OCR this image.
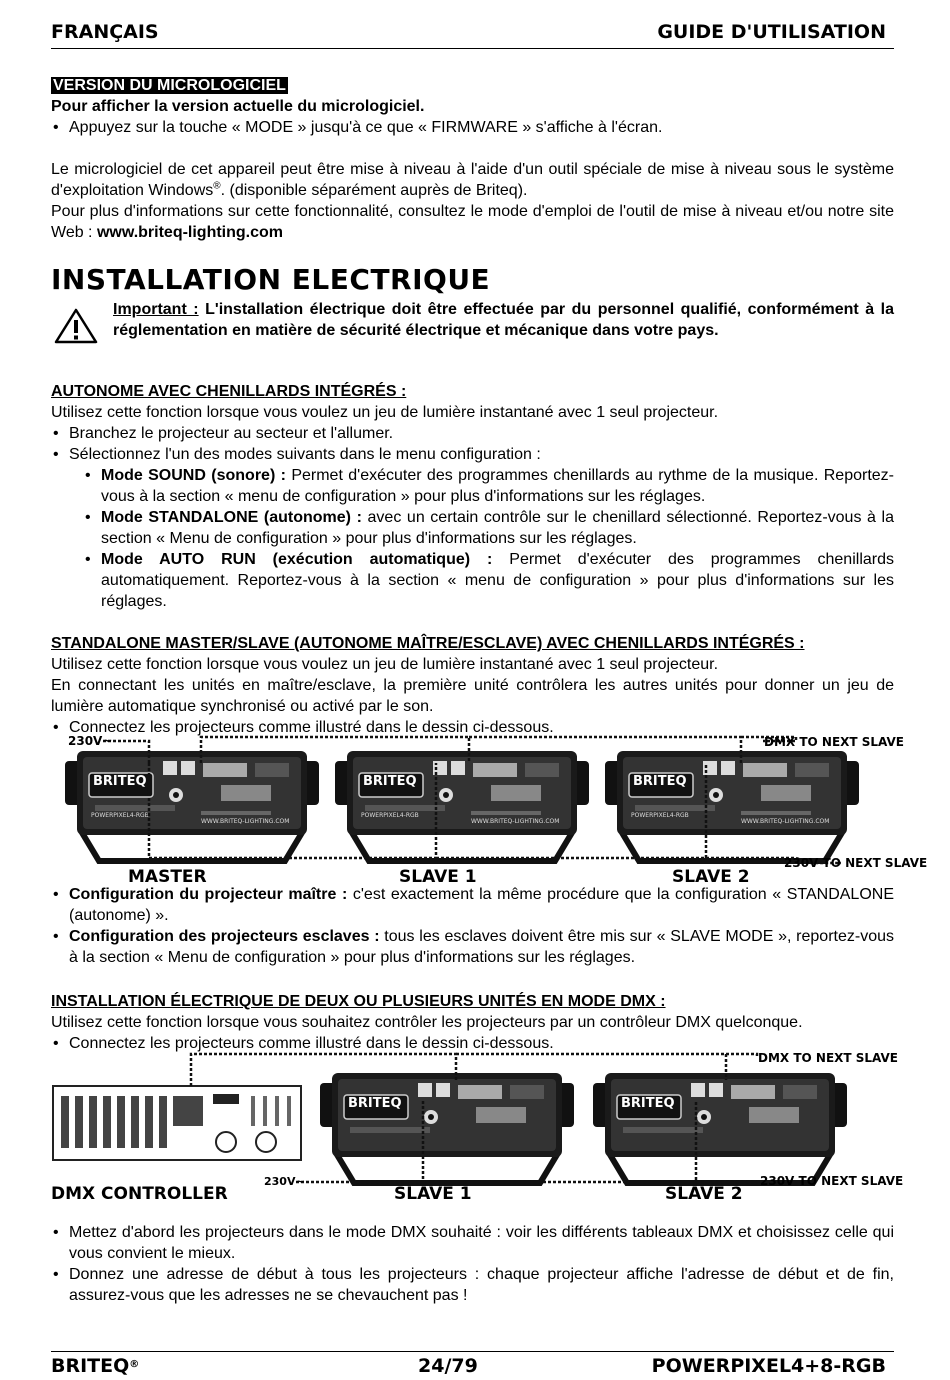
FRANÇAIS	GUIDE D'UTILISATION

VERSION DU MICROLOGICIEL

Pour afficher la version actuelle du micrologiciel.

• Appuyez sur la touche « MODE » jusqu'à ce que « FIRMWARE » s'affiche à l'écran.

Le micrologiciel de cet appareil peut être mise à niveau à l'aide d'un outil spéciale de mise à niveau sous le système d'exploitation Windows®. (disponible séparément auprès de Briteq).

Pour plus d'informations sur cette fonctionnalité, consultez le mode d'emploi de l'outil de mise à niveau et/ou notre site Web : www.briteq-lighting.com

INSTALLATION ELECTRIQUE
Important : L'installation électrique doit être effectuée par du personnel qualifié, conformément à la réglementation en matière de sécurité électrique et mécanique dans votre pays.

AUTONOME AVEC CHENILLARDS INTÉGRÉS :

Utilisez cette fonction lorsque vous voulez un jeu de lumière instantané avec 1 seul projecteur.

• Branchez le projecteur au secteur et l'allumer.

• Sélectionnez l'un des modes suivants dans le menu configuration :

• Mode SOUND (sonore) : Permet d'exécuter des programmes chenillards au rythme de la musique. Reportez-vous à la section « menu de configuration » pour plus d'informations sur les réglages.

• Mode STANDALONE (autonome) : avec un certain contrôle sur le chenillard sélectionné. Reportez-vous à la section « Menu de configuration » pour plus d'informations sur les réglages.

• Mode AUTO RUN (exécution automatique) : Permet d'exécuter des programmes chenillards automatiquement. Reportez-vous à la section « menu de configuration » pour plus d'informations sur les réglages.

STANDALONE MASTER/SLAVE (AUTONOME MAÎTRE/ESCLAVE) AVEC CHENILLARDS INTÉGRÉS :

Utilisez cette fonction lorsque vous voulez un jeu de lumière instantané avec 1 seul projecteur.

En connectant les unités en maître/esclave, la première unité contrôlera les autres unités pour donner un jeu de lumière automatique synchronisé ou activé par le son.

• Connectez les projecteurs comme illustré dans le dessin ci-dessous.

BRITEQ	BRITEQ	BRITEQ
POWERPIXEL4-RGB	POWERPIXEL4-RGB	POWERPIXEL4-RGB
WWW.BRITEQ-LIGHTING.COM	WWW.BRITEQ-LIGHTING.COM	WWW.BRITEQ-LIGHTING.COM
230V~	DMX TO NEXT SLAVE
230V TO NEXT SLAVE
MASTER	SLAVE 1	SLAVE 2

• Configuration du projecteur maître : c'est exactement la même procédure que la configuration « STANDALONE (autonome) ».

• Configuration des projecteurs esclaves : tous les esclaves doivent être mis sur « SLAVE MODE », reportez-vous à la section « Menu de configuration » pour plus d'informations sur les réglages.

INSTALLATION ÉLECTRIQUE DE DEUX OU PLUSIEURS UNITÉS EN MODE DMX :

Utilisez cette fonction lorsque vous souhaitez contrôler les projecteurs par un contrôleur DMX quelconque.

• Connectez les projecteurs comme illustré dans le dessin ci-dessous.

BRITEQ	BRITEQ
DMX TO NEXT SLAVE
230V~	230V TO NEXT SLAVE
DMX CONTROLLER	SLAVE 1	SLAVE 2

• Mettez d'abord les projecteurs dans le mode DMX souhaité : voir les différents tableaux DMX et choisissez celle qui vous convient le mieux.

• Donnez une adresse de début à tous les projecteurs : chaque projecteur affiche l'adresse de début et de fin, assurez-vous que les adresses ne se chevauchent pas !

BRITEQ®	24/79	POWERPIXEL4+8-RGB
